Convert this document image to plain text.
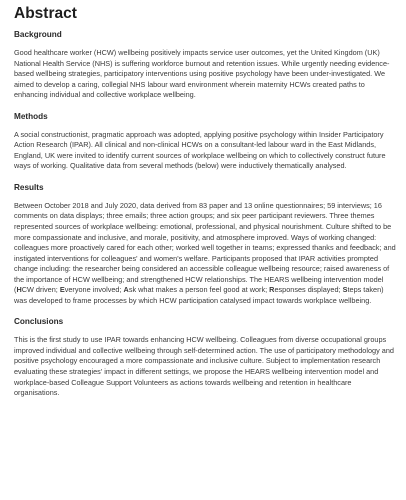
Abstract
Background

Good healthcare worker (HCW) wellbeing positively impacts service user outcomes, yet the United Kingdom (UK) National Health Service (NHS) is suffering workforce burnout and retention issues. While urgently needing evidence-based wellbeing strategies, participatory interventions using positive psychology have been under-investigated. We aimed to develop a caring, collegial NHS labour ward environment wherein maternity HCWs created paths to enhancing individual and collective workplace wellbeing.

Methods

A social constructionist, pragmatic approach was adopted, applying positive psychology within Insider Participatory Action Research (IPAR). All clinical and non-clinical HCWs on a consultant-led labour ward in the East Midlands, England, UK were invited to identify current sources of workplace wellbeing on which to collectively construct future ways of working. Qualitative data from several methods (below) were inductively thematically analysed.

Results

Between October 2018 and July 2020, data derived from 83 paper and 13 online questionnaires; 59 interviews; 16 comments on data displays; three emails; three action groups; and six peer participant reviewers. Three themes represented sources of workplace wellbeing: emotional, professional, and physical nourishment. Culture shifted to be more compassionate and inclusive, and morale, positivity, and atmosphere improved. Ways of working changed: colleagues more proactively cared for each other; worked well together in teams; expressed thanks and feedback; and instigated interventions for colleagues' and women's welfare. Participants proposed that IPAR activities prompted change including: the researcher being considered an accessible colleague wellbeing resource; raised awareness of the importance of HCW wellbeing; and strengthened HCW relationships. The HEARS wellbeing intervention model (HCW driven; Everyone involved; Ask what makes a person feel good at work; Responses displayed; Steps taken) was developed to frame processes by which HCW participation catalysed impact towards workplace wellbeing.

Conclusions

This is the first study to use IPAR towards enhancing HCW wellbeing. Colleagues from diverse occupational groups improved individual and collective wellbeing through self-determined action. The use of participatory methodology and positive psychology encouraged a more compassionate and inclusive culture. Subject to implementation research evaluating these strategies' impact in different settings, we propose the HEARS wellbeing intervention model and workplace-based Colleague Support Volunteers as actions towards wellbeing and retention in healthcare organisations.
